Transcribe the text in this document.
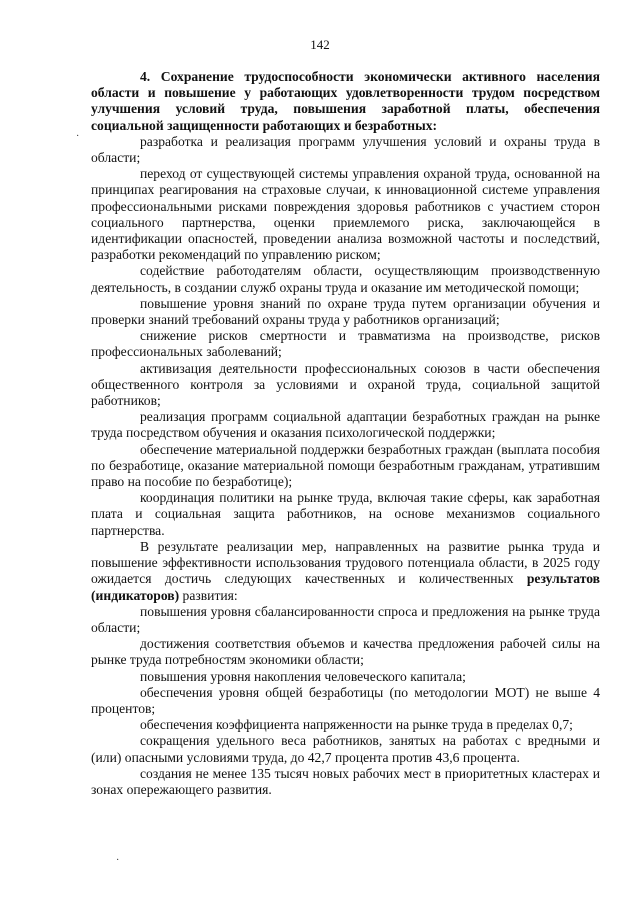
142

4. Сохранение трудоспособности экономически активного населения области и повышение у работающих удовлетворенности трудом посредством улучшения условий труда, повышения заработной платы, обеспечения социальной защищенности работающих и безработных:

разработка и реализация программ улучшения условий и охраны труда в области;

переход от существующей системы управления охраной труда, основанной на принципах реагирования на страховые случаи, к инновационной системе управления профессиональными рисками повреждения здоровья работников с участием сторон социального партнерства, оценки приемлемого риска, заключающейся в идентификации опасностей, проведении анализа возможной частоты и последствий, разработки рекомендаций по управлению риском;

содействие работодателям области, осуществляющим производственную деятельность, в создании служб охраны труда и оказание им методической помощи;

повышение уровня знаний по охране труда путем организации обучения и проверки знаний требований охраны труда у работников организаций;

снижение рисков смертности и травматизма на производстве, рисков профессиональных заболеваний;

активизация деятельности профессиональных союзов в части обеспечения общественного контроля за условиями и охраной труда, социальной защитой работников;

реализация программ социальной адаптации безработных граждан на рынке труда посредством обучения и оказания психологической поддержки;

обеспечение материальной поддержки безработных граждан (выплата пособия по безработице, оказание материальной помощи безработным гражданам, утратившим право на пособие по безработице);

координация политики на рынке труда, включая такие сферы, как заработная плата и социальная защита работников, на основе механизмов социального партнерства.

В результате реализации мер, направленных на развитие рынка труда и повышение эффективности использования трудового потенциала области, в 2025 году ожидается достичь следующих качественных и количественных результатов (индикаторов) развития:

повышения уровня сбалансированности спроса и предложения на рынке труда области;

достижения соответствия объемов и качества предложения рабочей силы на рынке труда потребностям экономики области;

повышения уровня накопления человеческого капитала;

обеспечения уровня общей безработицы (по методологии МОТ) не выше 4 процентов;

обеспечения коэффициента напряженности на рынке труда в пределах 0,7;

сокращения удельного веса работников, занятых на работах с вредными и (или) опасными условиями труда, до 42,7 процента против 43,6 процента.

создания не менее 135 тысяч новых рабочих мест в приоритетных кластерах и зонах опережающего развития.

·
·
